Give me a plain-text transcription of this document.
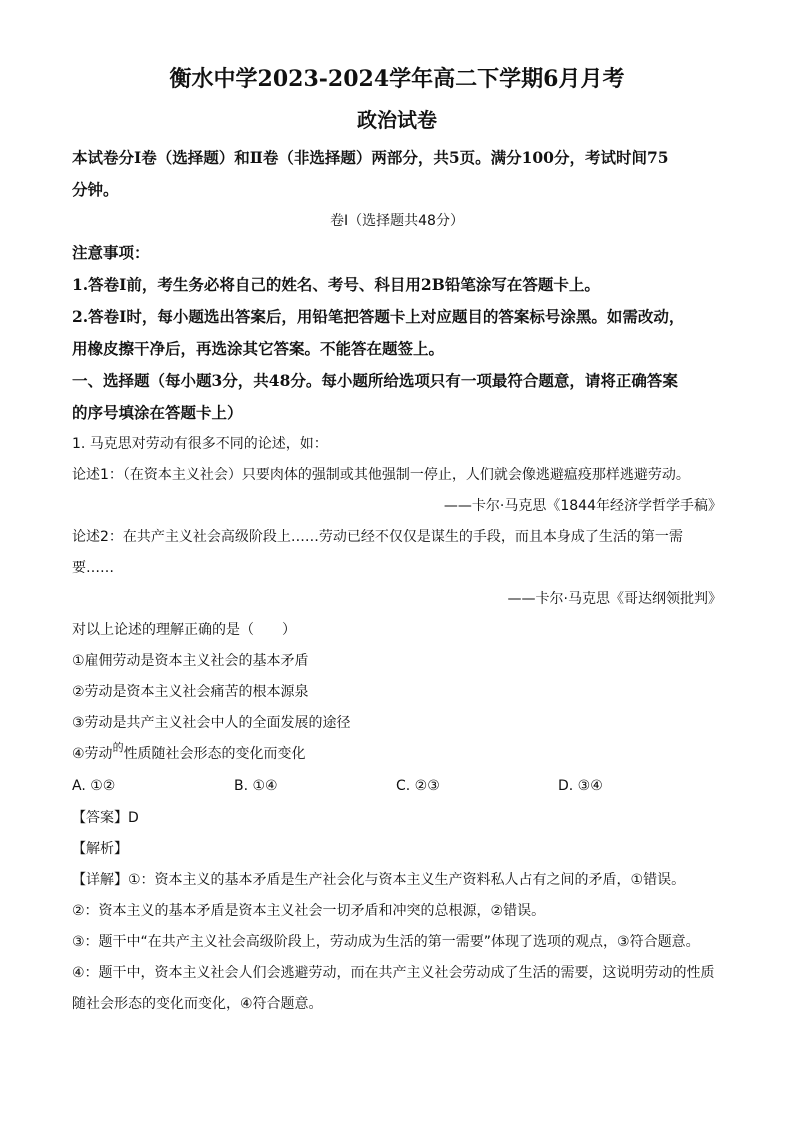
衡水中学2023-2024学年高二下学期6月月考
政治试卷

本试卷分Ⅰ卷（选择题）和Ⅱ卷（非选择题）两部分，共5页。满分100分，考试时间75

分钟。

卷Ⅰ（选择题共48分）

注意事项：

1.答卷Ⅰ前，考生务必将自己的姓名、考号、科目用2B铅笔涂写在答题卡上。

2.答卷Ⅰ时，每小题选出答案后，用铅笔把答题卡上对应题目的答案标号涂黑。如需改动，

用橡皮擦干净后，再选涂其它答案。不能答在题签上。

一、选择题（每小题3分，共48分。每小题所给选项只有一项最符合题意，请将正确答案

的序号填涂在答题卡上）

1. 马克思对劳动有很多不同的论述，如：

论述1：（在资本主义社会）只要肉体的强制或其他强制一停止，人们就会像逃避瘟疫那样逃避劳动。

——卡尔·马克思《1844年经济学哲学手稿》

论述2：在共产主义社会高级阶段上……劳动已经不仅仅是谋生的手段，而且本身成了生活的第一需

要……

——卡尔·马克思《哥达纲领批判》

对以上论述的理解正确的是（　　）

①雇佣劳动是资本主义社会的基本矛盾

②劳动是资本主义社会痛苦的根本源泉

③劳动是共产主义社会中人的全面发展的途径

④劳动$^的$性质随社会形态的变化而变化

A. ①②	B. ①④	C. ②③	D. ③④

【答案】D

【解析】

【详解】①：资本主义的基本矛盾是生产社会化与资本主义生产资料私人占有之间的矛盾，①错误。

②：资本主义的基本矛盾是资本主义社会一切矛盾和冲突的总根源，②错误。

③：题干中“在共产主义社会高级阶段上，劳动成为生活的第一需要”体现了选项的观点，③符合题意。

④：题干中，资本主义社会人们会逃避劳动，而在共产主义社会劳动成了生活的需要，这说明劳动的性质

随社会形态的变化而变化，④符合题意。
